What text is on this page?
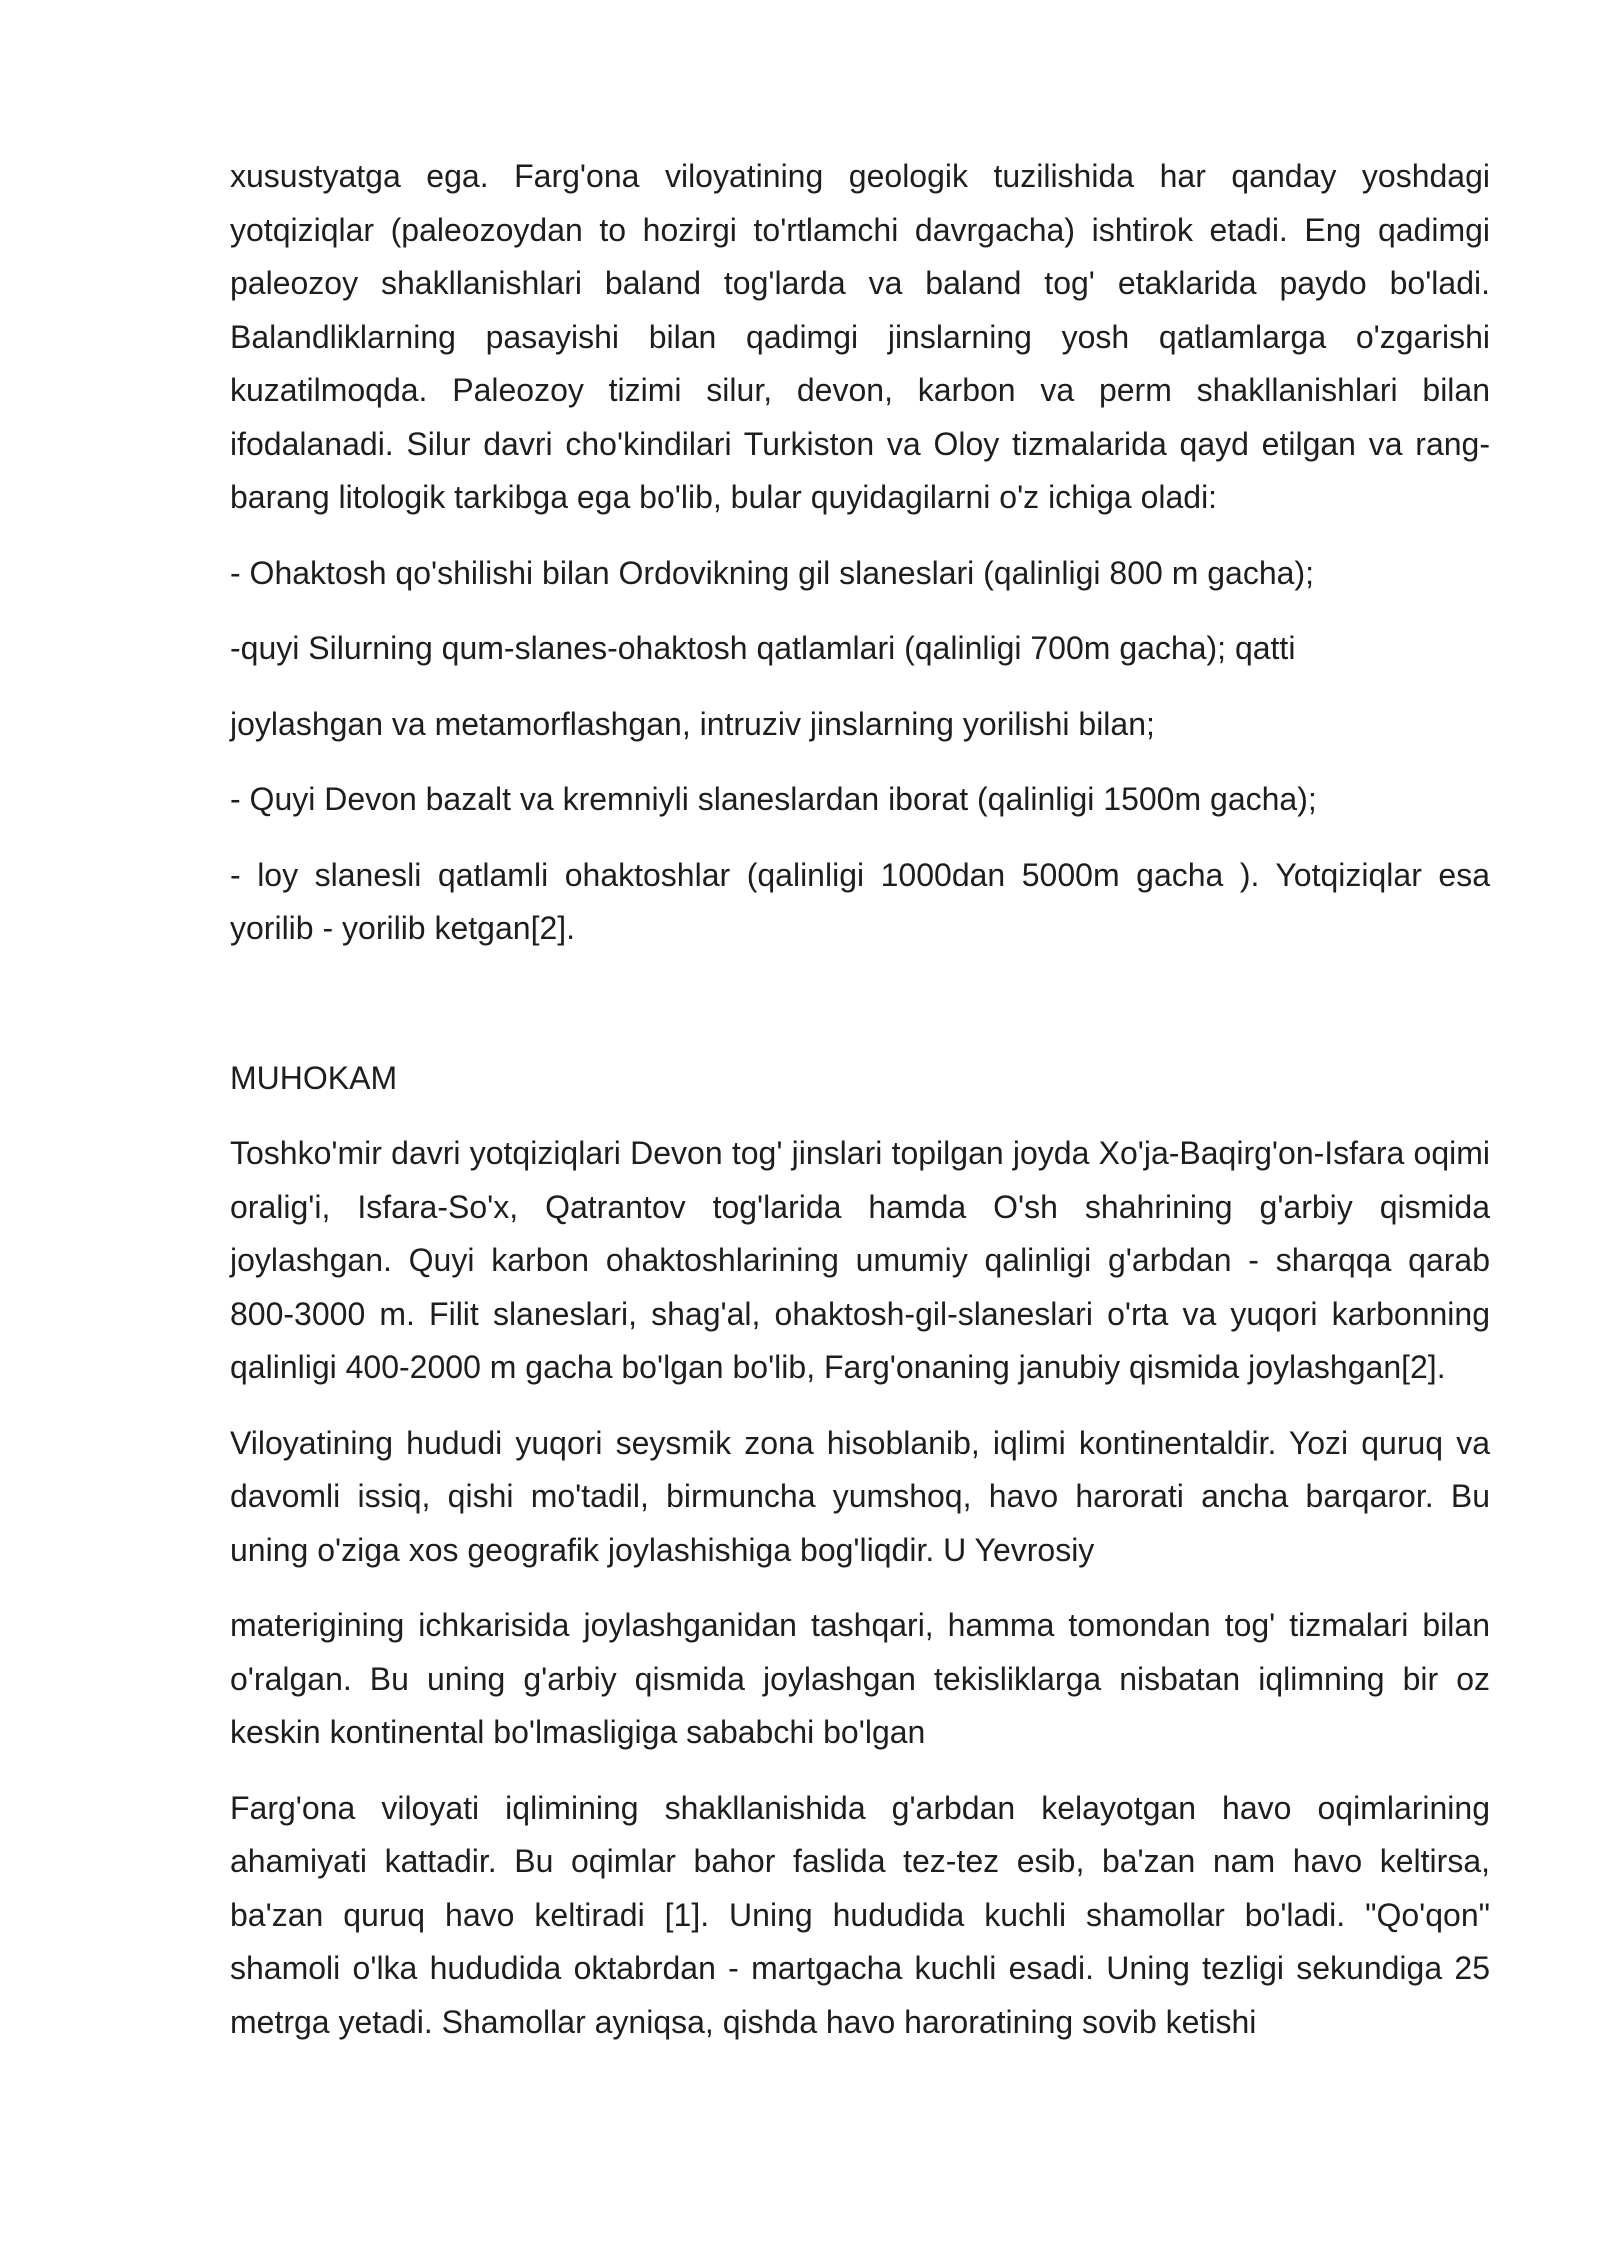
xusustyatga ega. Farg'ona viloyatining geologik tuzilishida har qanday yoshdagi yotqiziqlar (paleozoydan to hozirgi to'rtlamchi davrgacha) ishtirok etadi. Eng qadimgi paleozoy shakllanishlari baland tog'larda va baland tog' etaklarida paydo bo'ladi. Balandliklarning pasayishi bilan qadimgi jinslarning yosh qatlamlarga o'zgarishi kuzatilmoqda. Paleozoy tizimi silur, devon, karbon va perm shakllanishlari bilan ifodalanadi. Silur davri cho'kindilari Turkiston va Oloy tizmalarida qayd etilgan va rang-barang litologik tarkibga ega bo'lib, bular quyidagilarni o'z ichiga oladi:

- Ohaktosh qo'shilishi bilan Ordovikning gil slaneslari (qalinligi 800 m gacha);

-quyi Silurning qum-slanes-ohaktosh qatlamlari (qalinligi 700m gacha); qatti

joylashgan va metamorflashgan, intruziv jinslarning yorilishi bilan;

- Quyi Devon bazalt va kremniyli slaneslardan iborat (qalinligi 1500m gacha);

- loy slanesli qatlamli ohaktoshlar (qalinligi 1000dan 5000m gacha ). Yotqiziqlar esa yorilib - yorilib ketgan[2].

MUHOKAM

Toshko'mir davri yotqiziqlari Devon tog' jinslari topilgan joyda Xo'ja-Baqirg'on-Isfara oqimi oralig'i, Isfara-So'x, Qatrantov tog'larida hamda O'sh shahrining g'arbiy qismida joylashgan. Quyi karbon ohaktoshlarining umumiy qalinligi g'arbdan - sharqqa qarab 800-3000 m. Filit slaneslari, shag'al, ohaktosh-gil-slaneslari o'rta va yuqori karbonning qalinligi 400-2000 m gacha bo'lgan bo'lib, Farg'onaning janubiy qismida joylashgan[2].

Viloyatining hududi yuqori seysmik zona hisoblanib, iqlimi kontinentaldir. Yozi quruq va davomli issiq, qishi mo'tadil, birmuncha yumshoq, havo harorati ancha barqaror. Bu uning o'ziga xos geografik joylashishiga bog'liqdir. U Yevrosiy

materigining ichkarisida joylashganidan tashqari, hamma tomondan tog' tizmalari bilan o'ralgan. Bu uning g'arbiy qismida joylashgan tekisliklarga nisbatan iqlimning bir oz keskin kontinental bo'lmasligiga sababchi bo'lgan

Farg'ona viloyati iqlimining shakllanishida g'arbdan kelayotgan havo oqimlarining ahamiyati kattadir. Bu oqimlar bahor faslida tez-tez esib, ba'zan nam havo keltirsa, ba'zan quruq havo keltiradi [1]. Uning hududida kuchli shamollar bo'ladi. "Qo'qon" shamoli o'lka hududida oktabrdan - martgacha kuchli esadi. Uning tezligi sekundiga 25 metrga yetadi. Shamollar ayniqsa, qishda havo haroratining sovib ketishi
